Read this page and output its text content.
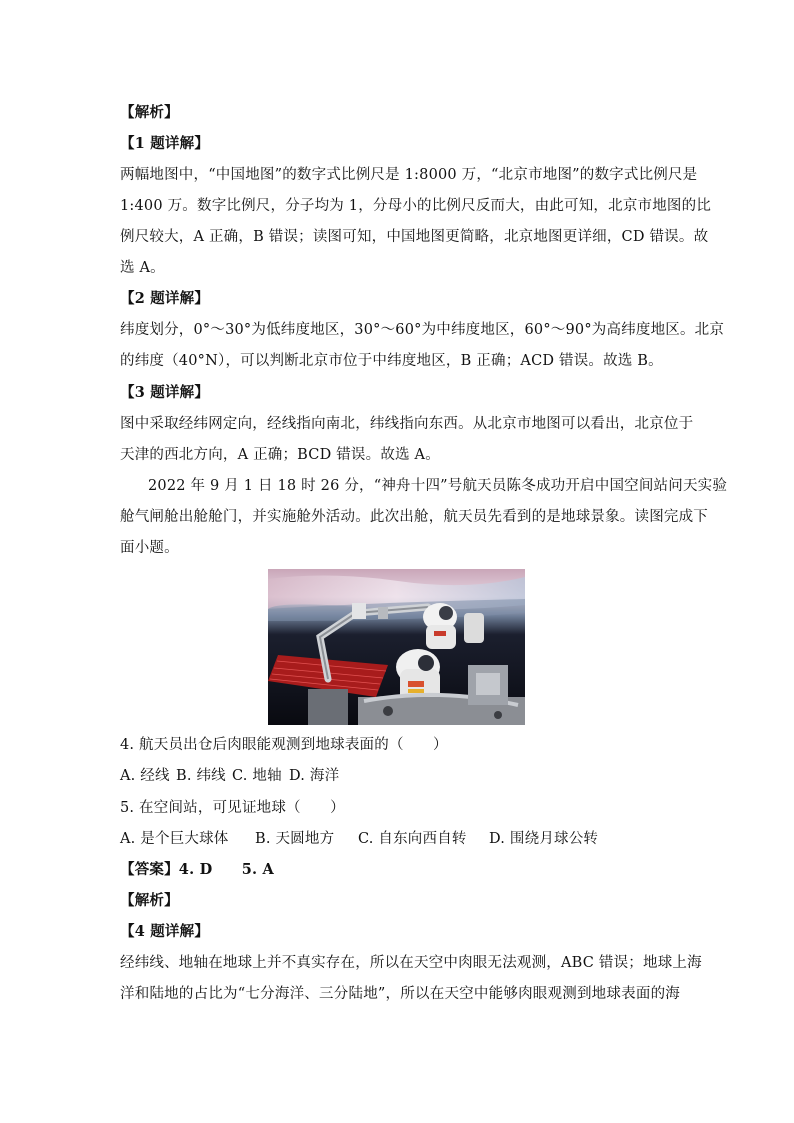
【解析】
【1 题详解】
两幅地图中，“中国地图”的数字式比例尺是 1:8000 万，“北京市地图”的数字式比例尺是
1:400 万。数字比例尺，分子均为 1，分母小的比例尺反而大，由此可知，北京市地图的比
例尺较大，A 正确，B 错误；读图可知，中国地图更简略，北京地图更详细，CD 错误。故
选 A。
【2 题详解】
纬度划分，0°～30°为低纬度地区，30°～60°为中纬度地区，60°～90°为高纬度地区。北京
的纬度（40°N），可以判断北京市位于中纬度地区，B 正确；ACD 错误。故选 B。
【3 题详解】
图中采取经纬网定向，经线指向南北，纬线指向东西。从北京市地图可以看出，北京位于
天津的西北方向，A 正确；BCD 错误。故选 A。
2022 年 9 月 1 日 18 时 26 分，“神舟十四”号航天员陈冬成功开启中国空间站问天实验
舱气闸舱出舱舱门，并实施舱外活动。此次出舱，航天员先看到的是地球景象。读图完成下
面小题。
4. 航天员出仓后肉眼能观测到地球表面的（　　）
A. 经线 B. 纬线 C. 地轴 D. 海洋
5. 在空间站，可见证地球（　　）
A. 是个巨大球体 B. 天圆地方 C. 自东向西自转 D. 围绕月球公转
【答案】4. D　　5. A
【解析】
【4 题详解】
经纬线、地轴在地球上并不真实存在，所以在天空中肉眼无法观测，ABC 错误；地球上海
洋和陆地的占比为“七分海洋、三分陆地”，所以在天空中能够肉眼观测到地球表面的海
